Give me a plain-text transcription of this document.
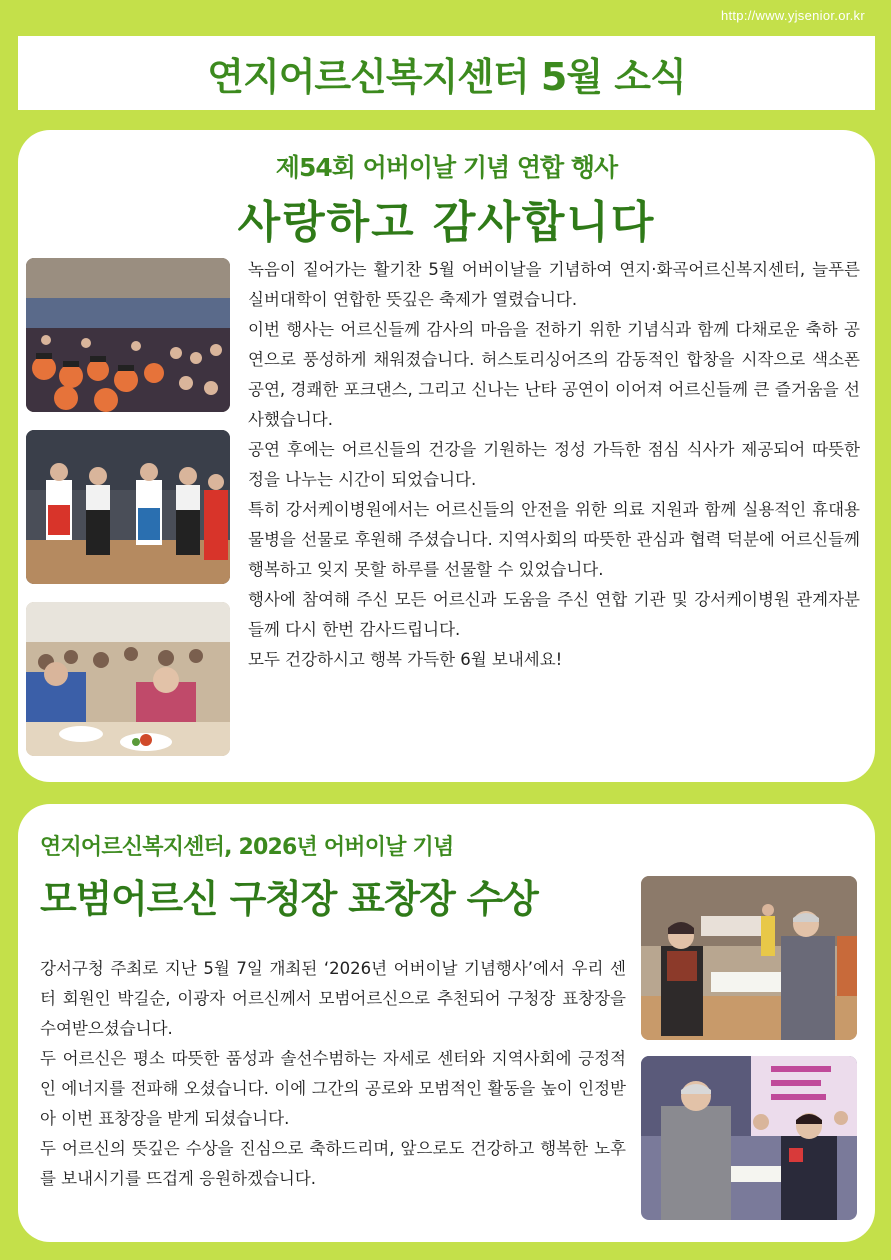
http://www.yjsenior.or.kr
연지어르신복지센터 5월 소식
제54회 어버이날 기념 연합 행사
사랑하고 감사합니다

녹음이 짙어가는 활기찬 5월 어버이날을 기념하여 연지·화곡어르신복지센터, 늘푸른실버대학이 연합한 뜻깊은 축제가 열렸습니다.

이번 행사는 어르신들께 감사의 마음을 전하기 위한 기념식과 함께 다채로운 축하 공연으로 풍성하게 채워졌습니다. 허스토리싱어즈의 감동적인 합창을 시작으로 색소폰 공연, 경쾌한 포크댄스, 그리고 신나는 난타 공연이 이어져 어르신들께 큰 즐거움을 선사했습니다.

공연 후에는 어르신들의 건강을 기원하는 정성 가득한 점심 식사가 제공되어 따뜻한 정을 나누는 시간이 되었습니다.

특히 강서케이병원에서는 어르신들의 안전을 위한 의료 지원과 함께 실용적인 휴대용 물병을 선물로 후원해 주셨습니다. 지역사회의 따뜻한 관심과 협력 덕분에 어르신들께 행복하고 잊지 못할 하루를 선물할 수 있었습니다.

행사에 참여해 주신 모든 어르신과 도움을 주신 연합 기관 및 강서케이병원 관계자분들께 다시 한번 감사드립니다.

모두 건강하시고 행복 가득한 6월 보내세요!

연지어르신복지센터, 2026년 어버이날 기념
모범어르신 구청장 표창장 수상

강서구청 주최로 지난 5월 7일 개최된 ‘2026년 어버이날 기념행사’에서 우리 센터 회원인 박길순, 이광자 어르신께서 모범어르신으로 추천되어 구청장 표창장을 수여받으셨습니다.

두 어르신은 평소 따뜻한 품성과 솔선수범하는 자세로 센터와 지역사회에 긍정적인 에너지를 전파해 오셨습니다. 이에 그간의 공로와 모범적인 활동을 높이 인정받아 이번 표창장을 받게 되셨습니다.

두 어르신의 뜻깊은 수상을 진심으로 축하드리며, 앞으로도 건강하고 행복한 노후를 보내시기를 뜨겁게 응원하겠습니다.
